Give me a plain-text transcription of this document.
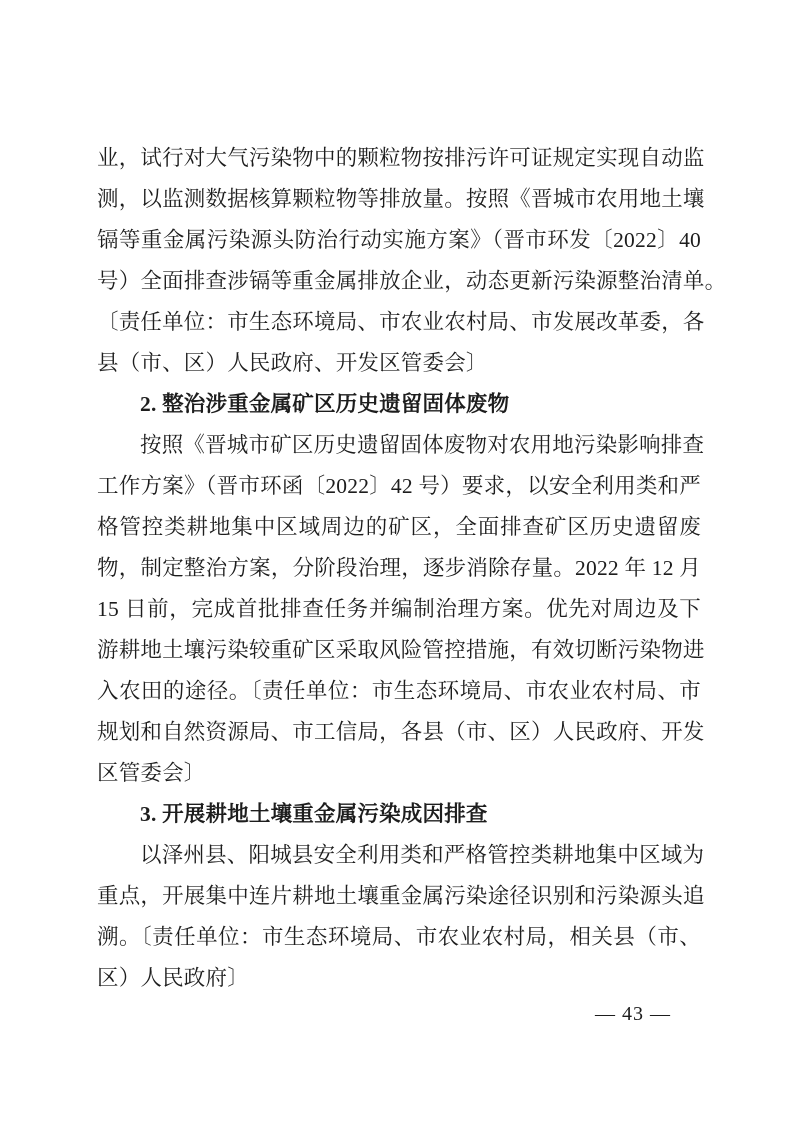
业，试行对大气污染物中的颗粒物按排污许可证规定实现自动监
测，以监测数据核算颗粒物等排放量。按照《晋城市农用地土壤
镉等重金属污染源头防治行动实施方案》（晋市环发〔2022〕40
号）全面排查涉镉等重金属排放企业，动态更新污染源整治清单。
〔责任单位：市生态环境局、市农业农村局、市发展改革委，各
县（市、区）人民政府、开发区管委会〕
2. 整治涉重金属矿区历史遗留固体废物
按照《晋城市矿区历史遗留固体废物对农用地污染影响排查
工作方案》（晋市环函〔2022〕42 号）要求，以安全利用类和严
格管控类耕地集中区域周边的矿区，全面排查矿区历史遗留废
物，制定整治方案，分阶段治理，逐步消除存量。2022 年 12 月
15 日前，完成首批排查任务并编制治理方案。优先对周边及下
游耕地土壤污染较重矿区采取风险管控措施，有效切断污染物进
入农田的途径。〔责任单位：市生态环境局、市农业农村局、市
规划和自然资源局、市工信局，各县（市、区）人民政府、开发
区管委会〕
3. 开展耕地土壤重金属污染成因排查
以泽州县、阳城县安全利用类和严格管控类耕地集中区域为
重点，开展集中连片耕地土壤重金属污染途径识别和污染源头追
溯。〔责任单位：市生态环境局、市农业农村局，相关县（市、
区）人民政府〕
— 43 —
